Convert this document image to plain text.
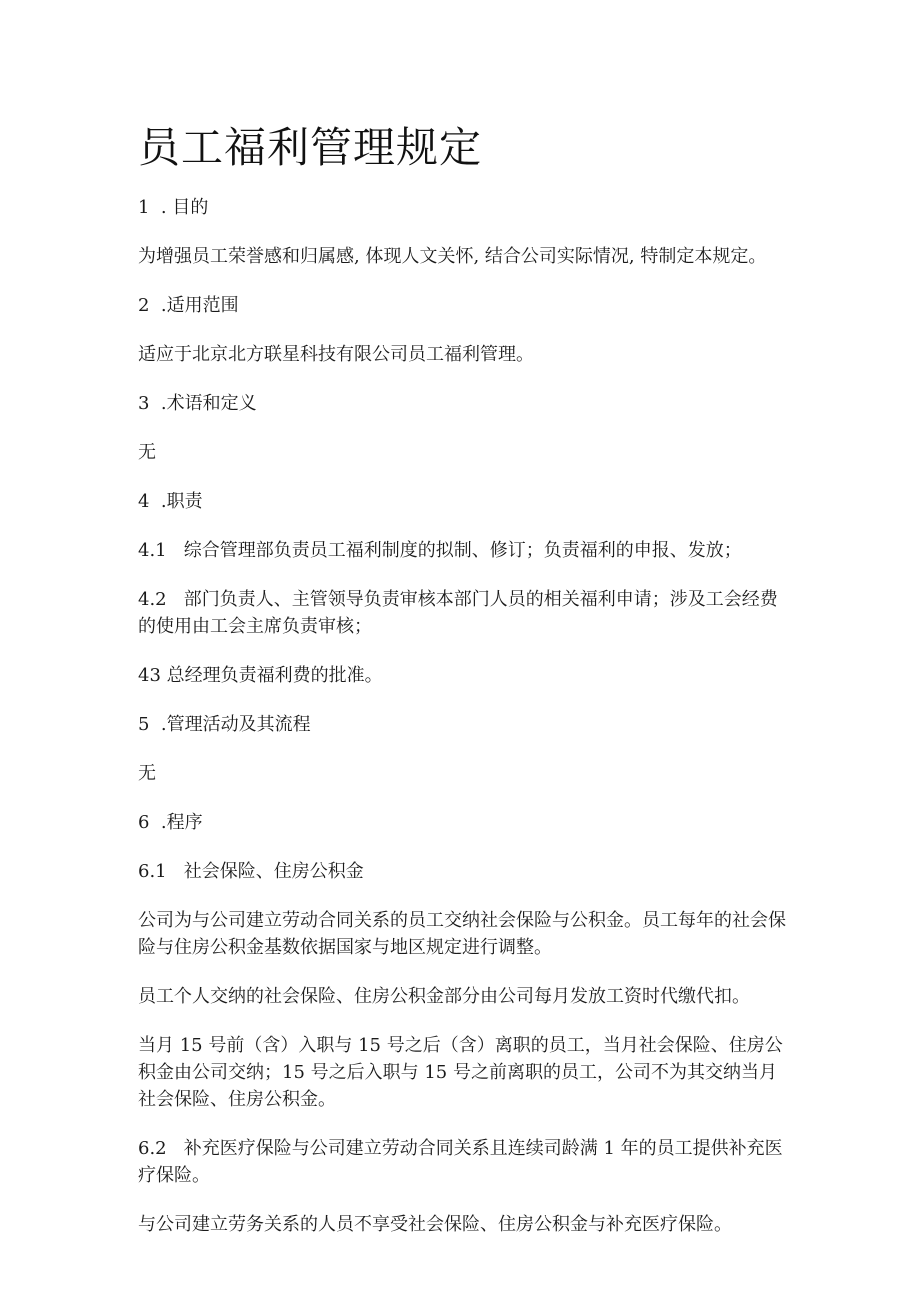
员工福利管理规定

1  . 目的

为增强员工荣誉感和归属感, 体现人文关怀, 结合公司实际情况, 特制定本规定。

2  .适用范围

适应于北京北方联星科技有限公司员工福利管理。

3  .术语和定义

无

4  .职责

4.1   综合管理部负责员工福利制度的拟制、修订；负责福利的申报、发放；

4.2   部门负责人、主管领导负责审核本部门人员的相关福利申请；涉及工会经费的使用由工会主席负责审核；

43 总经理负责福利费的批准。

5  .管理活动及其流程

无

6  .程序

6.1   社会保险、住房公积金

公司为与公司建立劳动合同关系的员工交纳社会保险与公积金。员工每年的社会保险与住房公积金基数依据国家与地区规定进行调整。

员工个人交纳的社会保险、住房公积金部分由公司每月发放工资时代缴代扣。

当月 15 号前（含）入职与 15 号之后（含）离职的员工，当月社会保险、住房公积金由公司交纳；15 号之后入职与 15 号之前离职的员工，公司不为其交纳当月社会保险、住房公积金。

6.2   补充医疗保险与公司建立劳动合同关系且连续司龄满 1 年的员工提供补充医疗保险。

与公司建立劳务关系的人员不享受社会保险、住房公积金与补充医疗保险。
